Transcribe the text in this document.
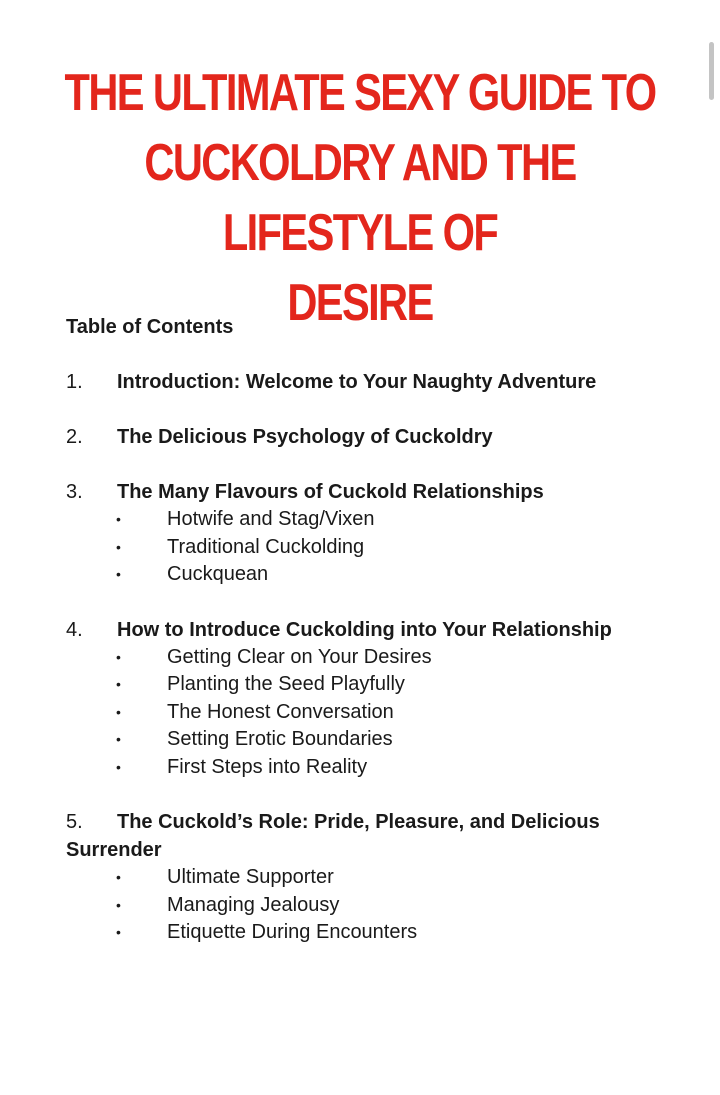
THE ULTIMATE SEXY GUIDE TO
CUCKOLDRY AND THE LIFESTYLE OF
DESIRE
Table of Contents
1. Introduction: Welcome to Your Naughty Adventure
2. The Delicious Psychology of Cuckoldry
3. The Many Flavours of Cuckold Relationships
• Hotwife and Stag/Vixen
• Traditional Cuckolding
• Cuckquean
4. How to Introduce Cuckolding into Your Relationship
• Getting Clear on Your Desires
• Planting the Seed Playfully
• The Honest Conversation
• Setting Erotic Boundaries
• First Steps into Reality
5. The Cuckold’s Role: Pride, Pleasure, and Delicious Surrender
• Ultimate Supporter
• Managing Jealousy
• Etiquette During Encounters
